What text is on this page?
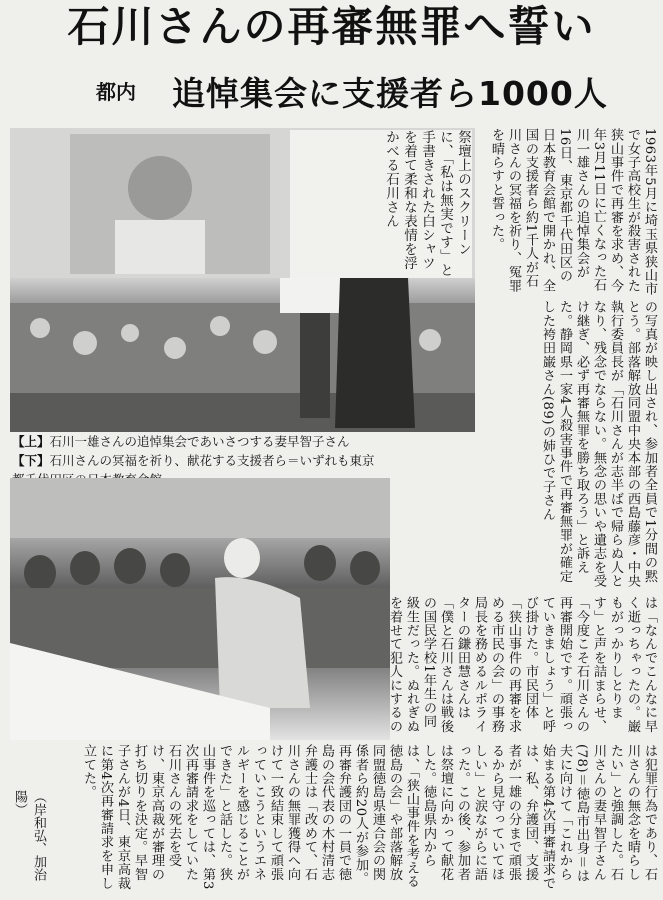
石川さんの再審無罪へ誓い
都内 追悼集会に支援者ら1000人
祭壇上のスクリーンに、「私は無実です」と手書きされた白シャツを着て柔和な表情を浮かべる石川さん
【上】石川一雄さんの追悼集会であいさつする妻早智子さん
【下】石川さんの冥福を祈り、献花する支援者ら＝いずれも東京
1963年5月に埼玉県狭山市で女子高校生が殺害された狭山事件で再審を求め、今年3月11日に亡くなった石川一雄さんの追悼集会が16日、東京都千代田区の日本教育会館で開かれ、全国の支援者ら約1千人が石川さんの冥福を祈り、冤罪を晴らすと誓った。
の写真が映し出され、参加者全員で1分間の黙とう。部落解放同盟中央本部の西島藤彦・中央執行委員長が「石川さんが志半ばで帰らぬ人となり、残念でならない。無念の思いや遺志を受け継ぎ、必ず再審無罪を勝ち取ろう」と訴えた。静岡県一家4人殺害事件で再審無罪が確定した袴田巌さん(89)の姉ひで子さん
は「なんでこんなに早く逝っちゃったの。巌もがっかりしとります」と声を詰まらせ、「今度こそ石川さんの再審開始です。頑張っていきましょう」と呼び掛けた。市民団体「狭山事件の再審を求める市民の会」の事務局長を務めるルポライターの鎌田慧さんは「僕と石川さんは戦後の国民学校1年生の同級生だった。ぬれぎぬを着せて犯人にするの
は犯罪行為であり、石川さんの無念を晴らしたい」と強調した。石川さんの妻早智子さん(78)＝徳島市出身＝は夫に向けて「これから始まる第4次再審請求では、私、弁護団、支援者が一雄の分まで頑張るから見守っていてほしい」と涙ながらに語った。この後、参加者は祭壇に向かって献花した。徳島県内からは、「狭山事件を考える徳島の会」や部落解放同盟徳島県連合会の関係者ら約20人が参加。再審弁護団の一員で徳島の会代表の木村清志弁護士は「改めて、石川さんの無罪獲得へ向けて一致結束して頑張っていこうというエネルギーを感じることができた」と話した。狭山事件を巡っては、第3次再審請求をしていた石川さんの死去を受け、東京高裁が審理の打ち切りを決定。早智子さんが4日、東京高裁に第4次再審請求を申し立てた。
（岸和弘、加治陽）
